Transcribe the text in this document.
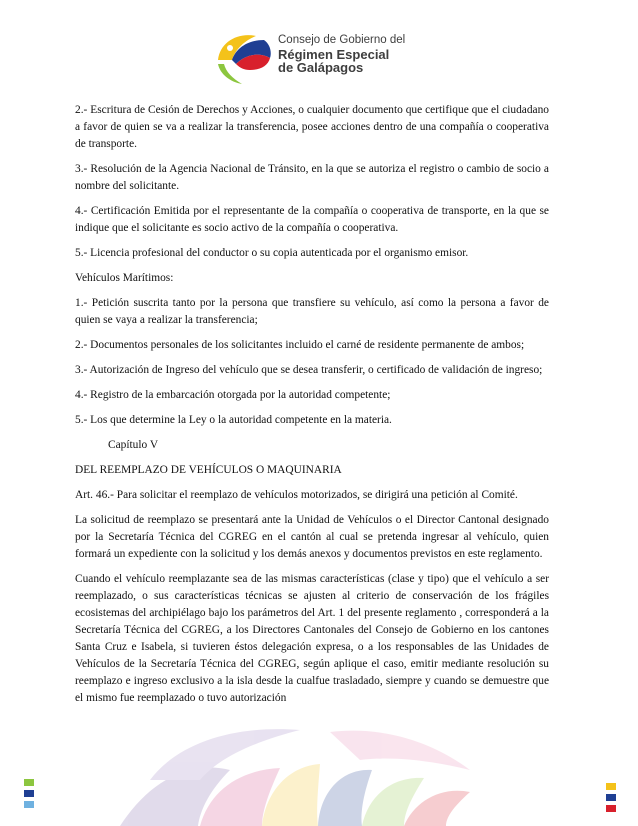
Consejo de Gobierno del
Régimen Especial
de Galápagos

2.- Escritura de Cesión de Derechos y Acciones, o cualquier documento que certifique que el ciudadano a favor de quien se va a realizar la transferencia, posee acciones dentro de una compañía o cooperativa de transporte.

3.- Resolución de la Agencia Nacional de Tránsito, en la que se autoriza el registro o cambio de socio a nombre del solicitante.

4.- Certificación Emitida por el representante de la compañía o cooperativa de transporte, en la que se indique que el solicitante es socio activo de la compañía o cooperativa.

5.- Licencia profesional del conductor o su copia autenticada por el organismo emisor.

Vehículos Marítimos:

1.- Petición suscrita tanto por la persona que transfiere su vehículo, así como la persona a favor de quien se vaya a realizar la transferencia;

2.- Documentos personales de los solicitantes incluido el carné de residente permanente de ambos;

3.- Autorización de Ingreso del vehículo que se desea transferir, o certificado de validación de ingreso;

4.- Registro de la embarcación otorgada por la autoridad competente;

5.- Los que determine la Ley o la autoridad competente en la materia.

Capítulo V

DEL REEMPLAZO DE VEHÍCULOS O MAQUINARIA

Art. 46.- Para solicitar el reemplazo de vehículos motorizados, se dirigirá una petición al Comité.

La solicitud de reemplazo se presentará ante la Unidad de Vehículos o el Director Cantonal designado por la Secretaría Técnica del CGREG en el cantón al cual se pretenda ingresar al vehículo, quien formará un expediente con la solicitud y los demás anexos y documentos previstos en este reglamento.

Cuando el vehículo reemplazante sea de las mismas características (clase y tipo) que el vehículo a ser reemplazado, o sus características técnicas se ajusten al criterio de conservación de los frágiles ecosistemas del archipiélago bajo los parámetros del Art. 1 del presente reglamento , corresponderá a la Secretaría Técnica del CGREG, a los Directores Cantonales del Consejo de Gobierno en los cantones Santa Cruz e Isabela, si tuvieren éstos delegación expresa, o a los responsables de las Unidades de Vehículos de la Secretaría Técnica del CGREG, según aplique el caso, emitir mediante resolución su reemplazo e ingreso exclusivo a la isla desde la cualfue trasladado, siempre y cuando se demuestre que el mismo fue reemplazado o tuvo autorización
